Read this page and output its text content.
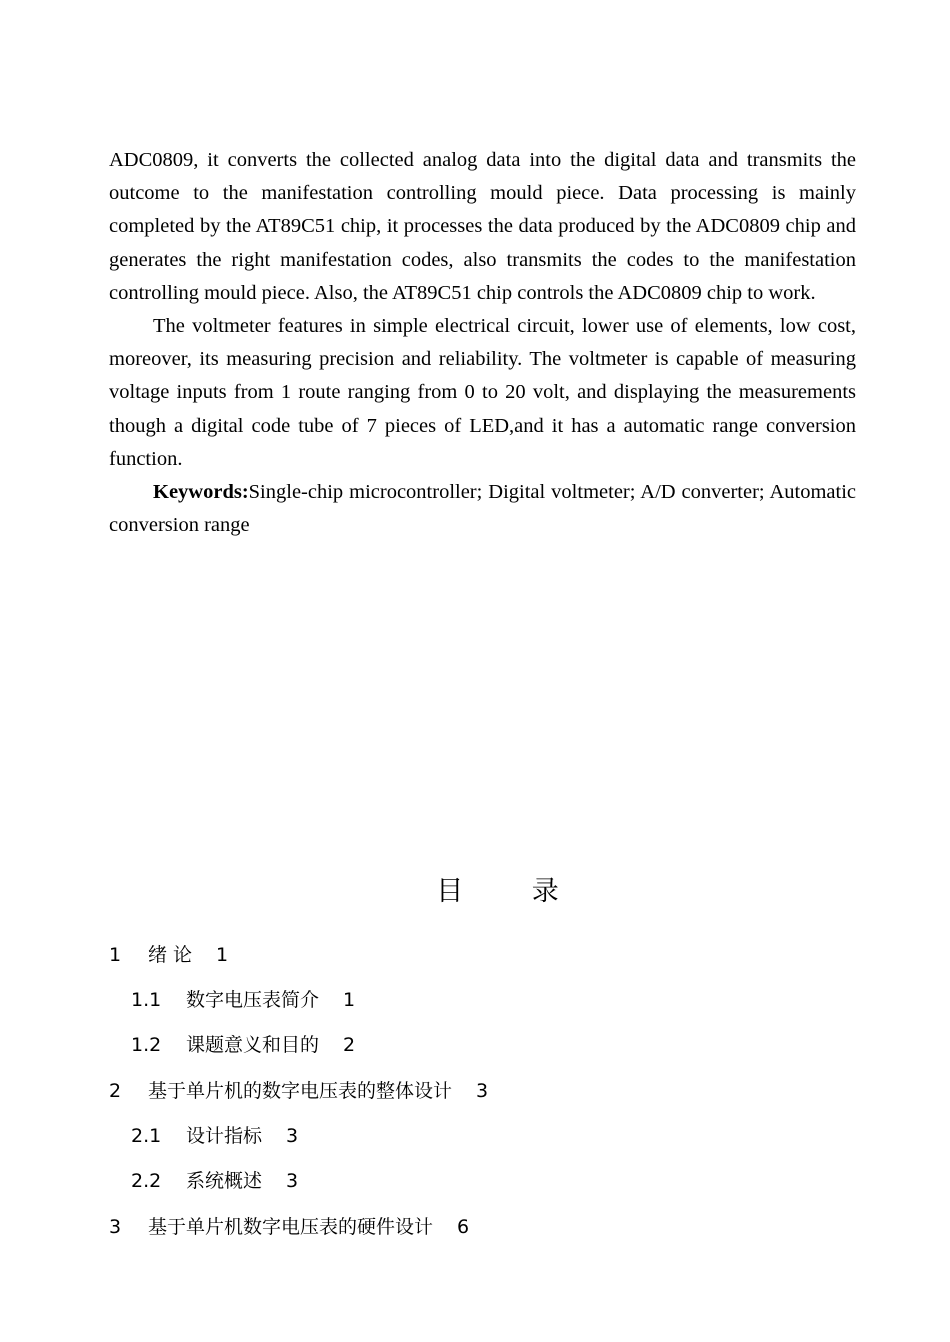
ADC0809, it converts the collected analog data into the digital data and transmits the outcome to the manifestation controlling mould piece. Data processing is mainly completed by the AT89C51 chip, it processes the data produced by the ADC0809 chip and generates the right manifestation codes, also transmits the codes to the manifestation controlling mould piece. Also, the AT89C51 chip controls the ADC0809 chip to work.

The voltmeter features in simple electrical circuit, lower use of elements, low cost, moreover, its measuring precision and reliability. The voltmeter is capable of measuring voltage inputs from 1 route ranging from 0 to 20 volt, and displaying the measurements though a digital code tube of 7 pieces of LED,and it has a automatic range conversion function.

Keywords:Single-chip microcontroller; Digital voltmeter; A/D converter; Automatic conversion range

目 录
1 绪 论 1
1.1 数字电压表简介 1
1.2 课题意义和目的 2
2 基于单片机的数字电压表的整体设计 3
2.1 设计指标 3
2.2 系统概述 3
3 基于单片机数字电压表的硬件设计 6
